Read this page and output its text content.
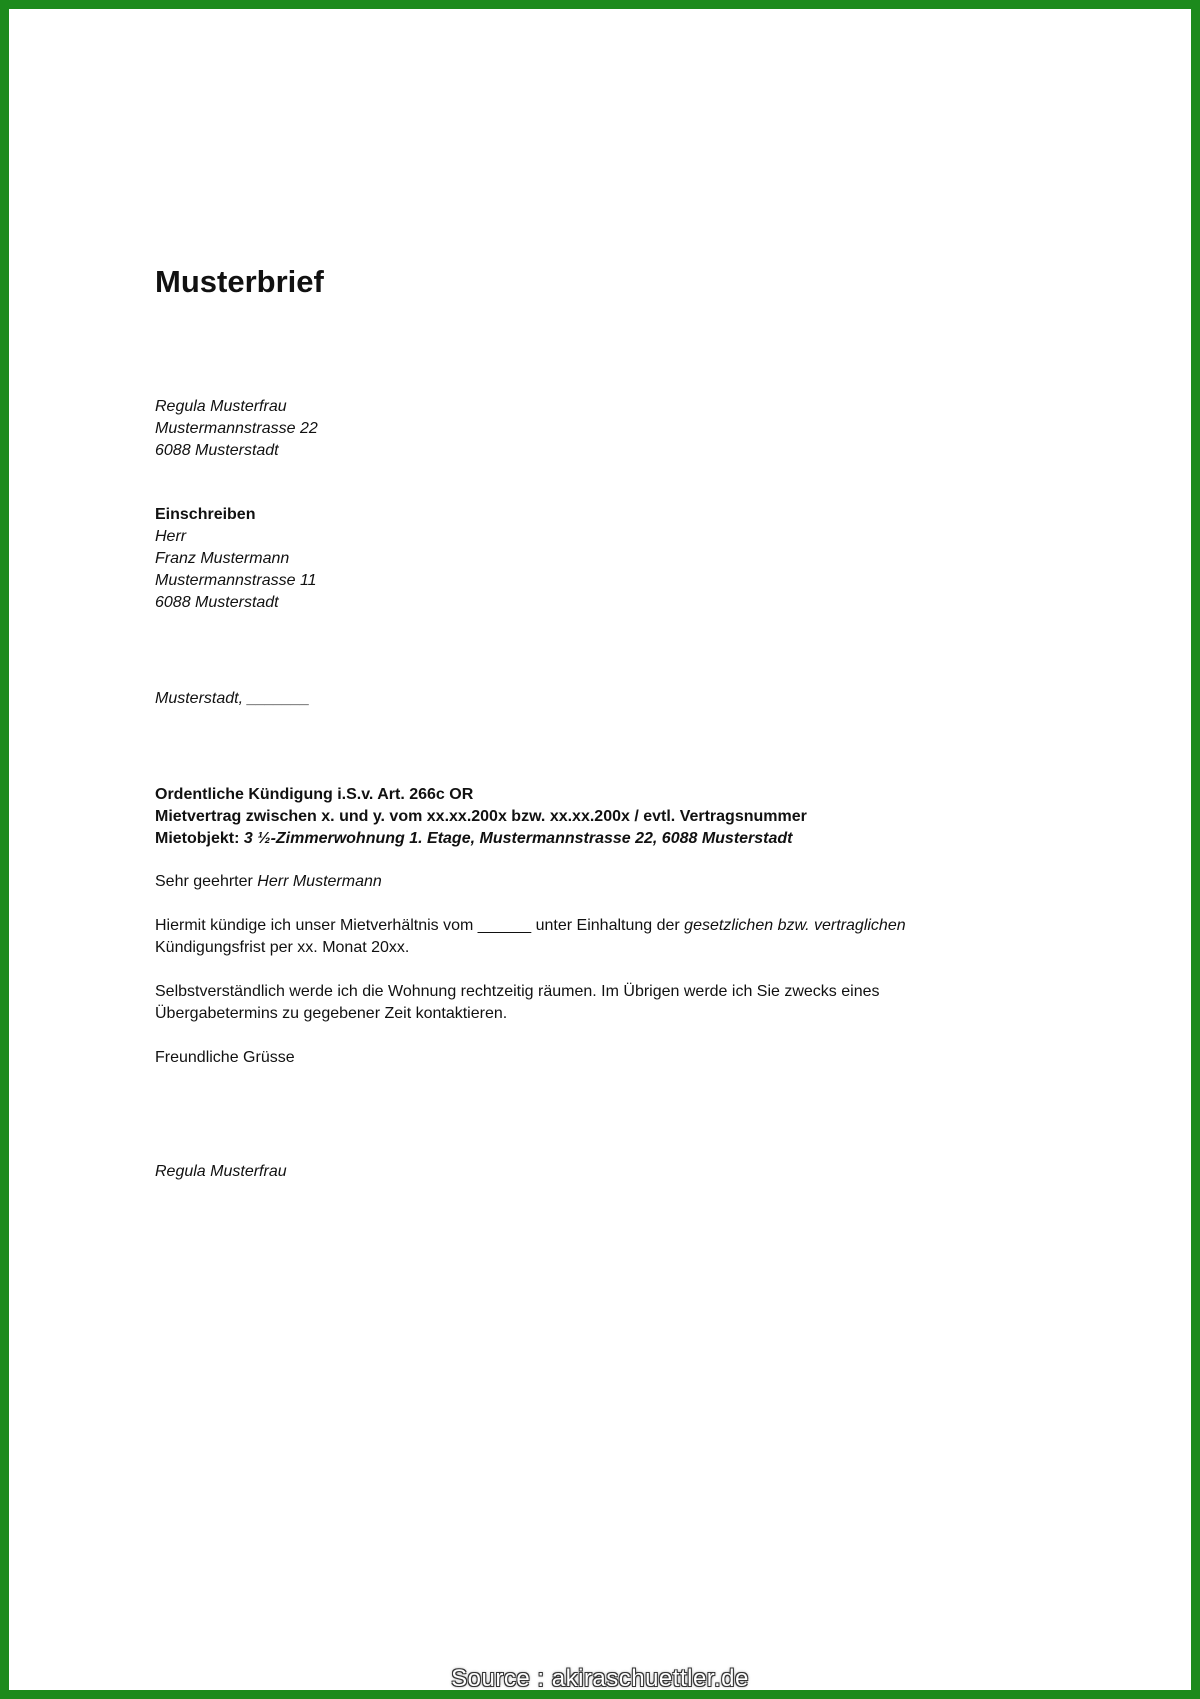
Musterbrief
Regula Musterfrau
Mustermannstrasse 22
6088 Musterstadt
Einschreiben
Herr
Franz Mustermann
Mustermannstrasse 11
6088 Musterstadt
Musterstadt, _______
Ordentliche Kündigung i.S.v. Art. 266c OR
Mietvertrag zwischen x. und y. vom xx.xx.200x bzw. xx.xx.200x / evtl. Vertragsnummer
Mietobjekt: 3 ½-Zimmerwohnung 1. Etage, Mustermannstrasse 22, 6088 Musterstadt
Sehr geehrter Herr Mustermann
Hiermit kündige ich unser Mietverhältnis vom ______ unter Einhaltung der gesetzlichen bzw. vertraglichen
Kündigungsfrist per xx. Monat 20xx.
Selbstverständlich werde ich die Wohnung rechtzeitig räumen. Im Übrigen werde ich Sie zwecks eines
Übergabetermins zu gegebener Zeit kontaktieren.
Freundliche Grüsse
Regula Musterfrau
Source : akiraschuettler.de
